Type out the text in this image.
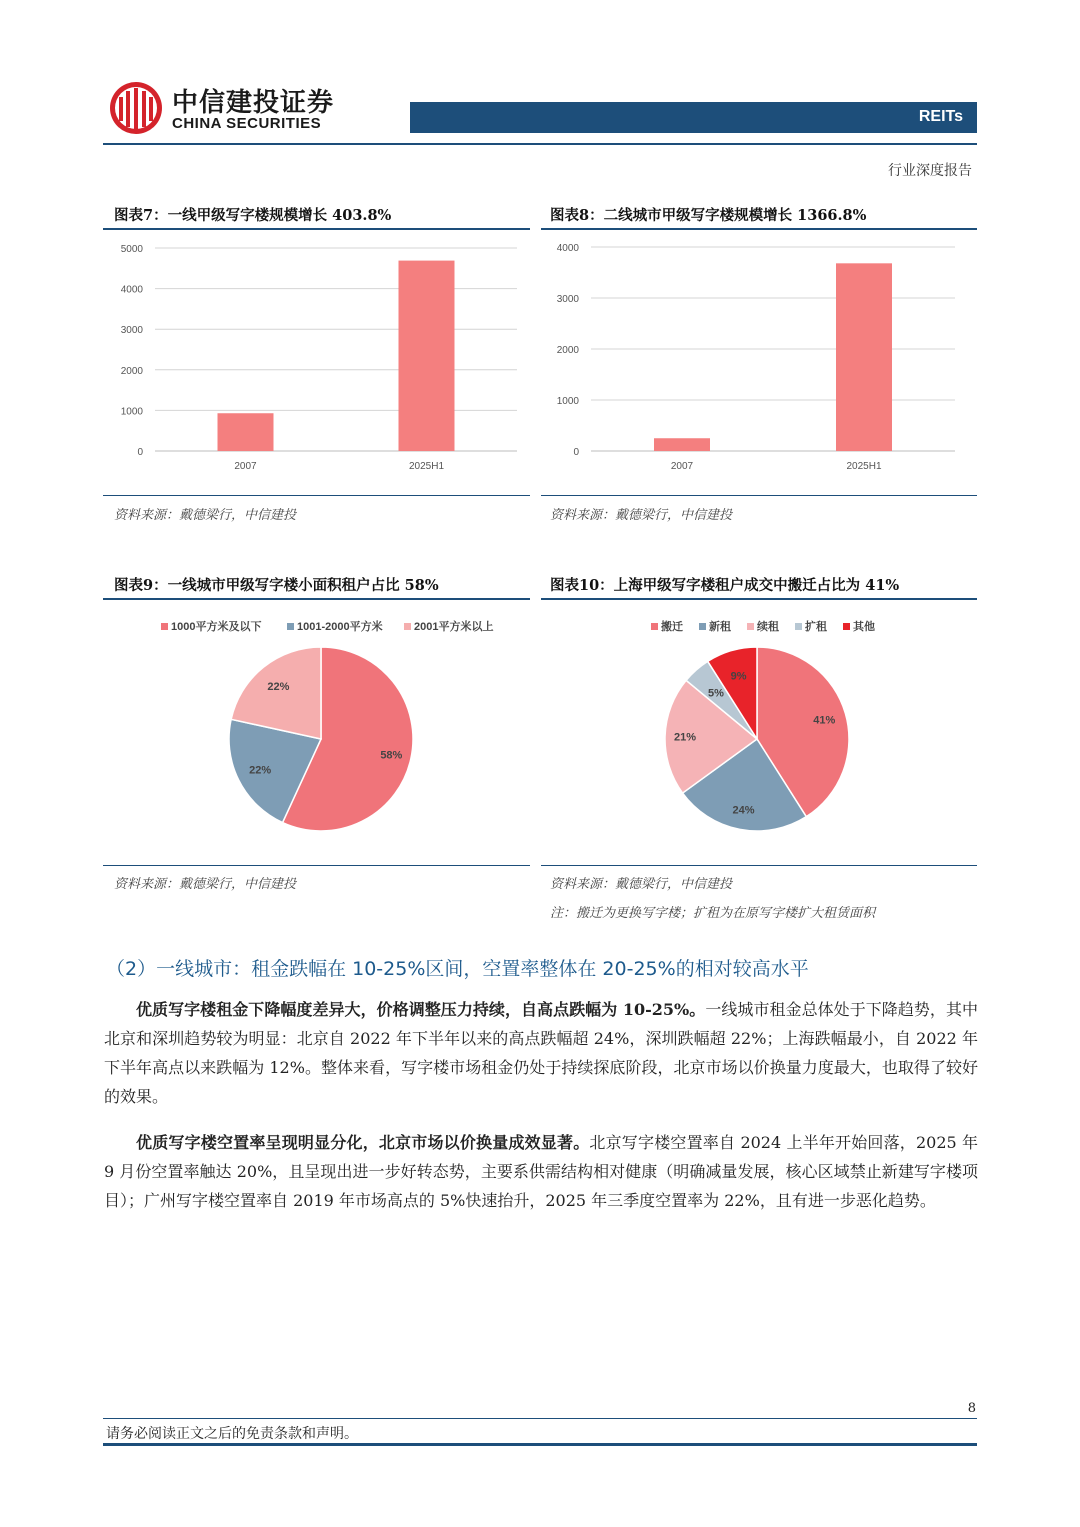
中信建投证券
CHINA SECURITIES	REITs
行业深度报告
图表7：一线甲级写字楼规模增长 403.8%
0
1000
2000
3000
4000
5000
2007	2025H1
资料来源：戴德梁行，中信建投
图表8：二线城市甲级写字楼规模增长 1366.8%
0
1000
2000
3000
4000
2007	2025H1
资料来源：戴德梁行，中信建投
图表9：一线城市甲级写字楼小面积租户占比 58%
1000平方米及以下	1001-2000平方米	2001平方米以上
58%
22%
22%
资料来源：戴德梁行，中信建投
图表10：上海甲级写字楼租户成交中搬迁占比为 41%
搬迁 新租 续租 扩租 其他
41%
24%
21%
5%
9%
资料来源：戴德梁行，中信建投
注：搬迁为更换写字楼；扩租为在原写字楼扩大租赁面积
（2）一线城市：租金跌幅在 10-25%区间，空置率整体在 20-25%的相对较高水平
优质写字楼租金下降幅度差异大，价格调整压力持续，自高点跌幅为 10-25%。一线城市租金总体处于下降趋势，其中北京和深圳趋势较为明显：北京自 2022 年下半年以来的高点跌幅超 24%，深圳跌幅超 22%；上海跌幅最小，自 2022 年下半年高点以来跌幅为 12%。整体来看，写字楼市场租金仍处于持续探底阶段，北京市场以价换量力度最大，也取得了较好的效果。
优质写字楼空置率呈现明显分化，北京市场以价换量成效显著。北京写字楼空置率自 2024 上半年开始回落，2025 年 9 月份空置率触达 20%，且呈现出进一步好转态势，主要系供需结构相对健康（明确减量发展，核心区域禁止新建写字楼项目）；广州写字楼空置率自 2019 年市场高点的 5%快速抬升，2025 年三季度空置率为 22%，且有进一步恶化趋势。
8
请务必阅读正文之后的免责条款和声明。
